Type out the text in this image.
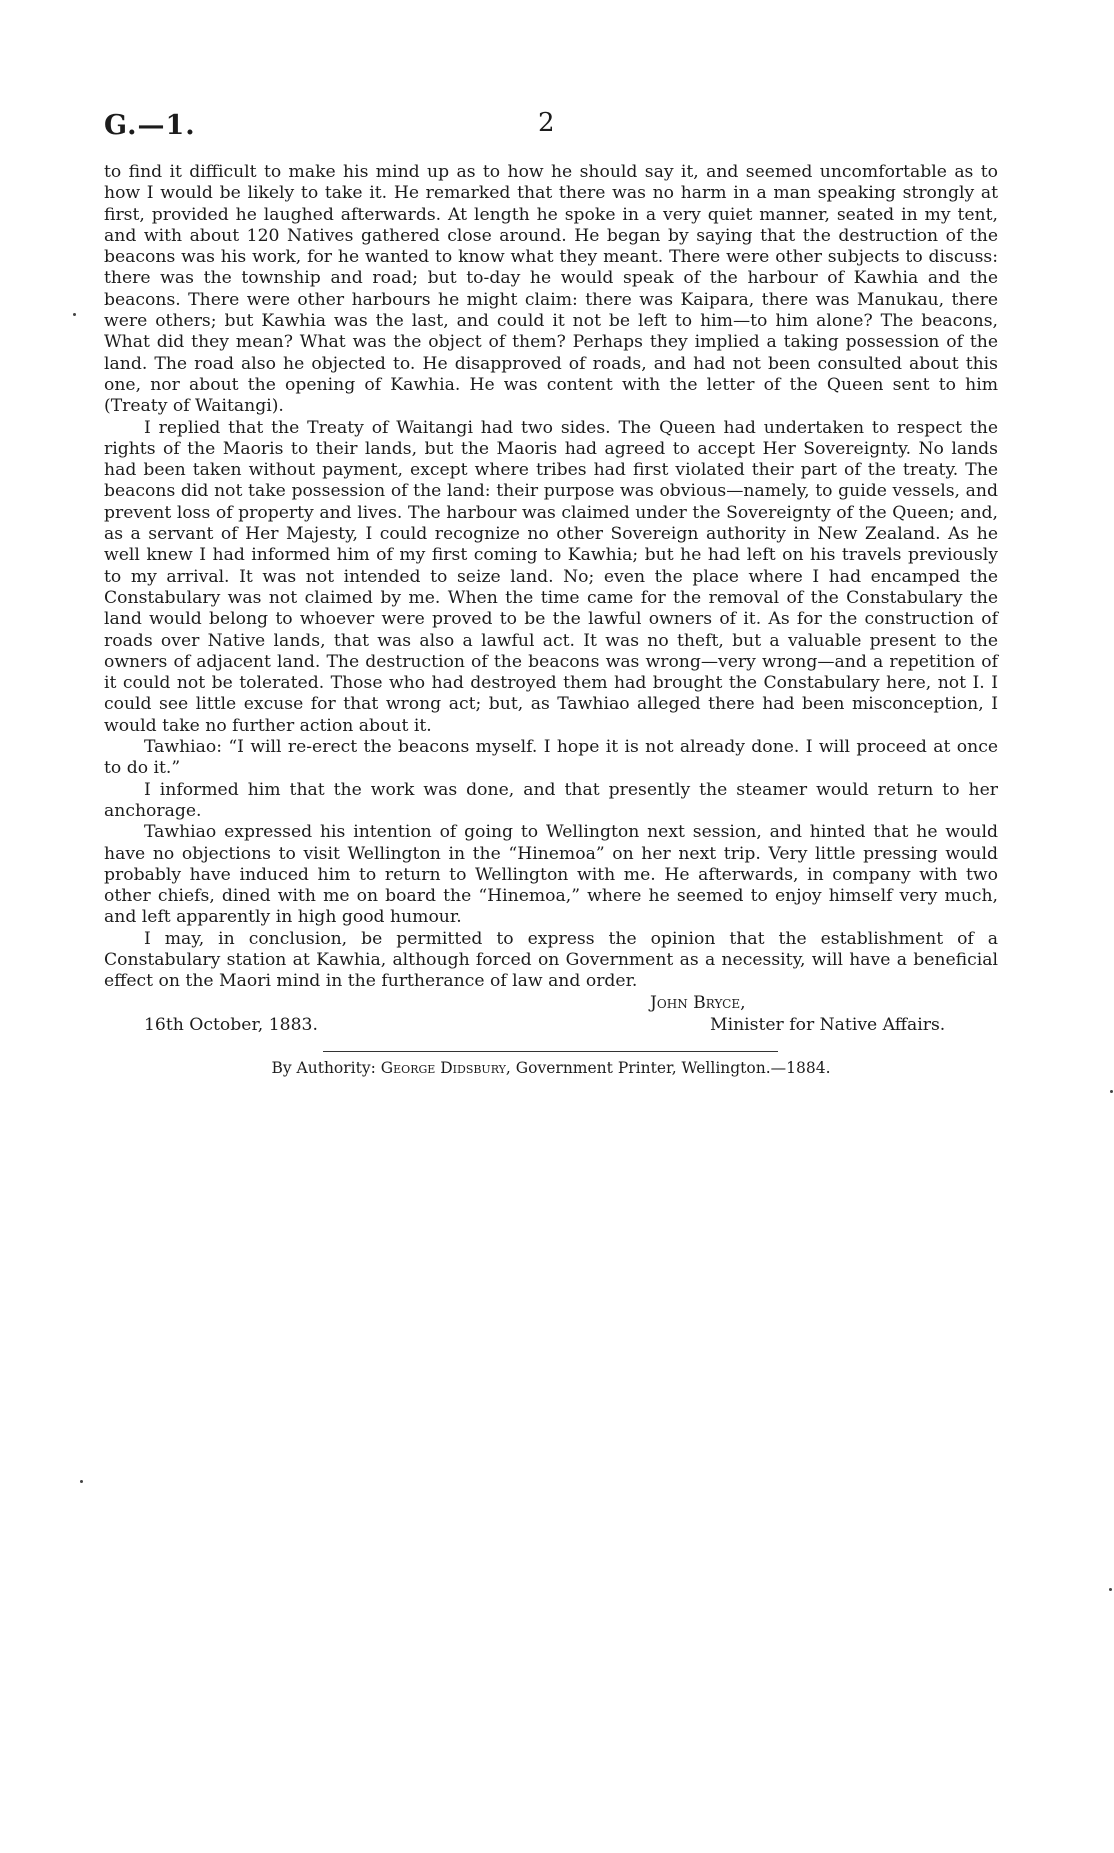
G.—1.	2

to find it difficult to make his mind up as to how he should say it, and seemed uncomfortable as to how I would be likely to take it. He remarked that there was no harm in a man speaking strongly at first, provided he laughed afterwards. At length he spoke in a very quiet manner, seated in my tent, and with about 120 Natives gathered close around. He began by saying that the destruction of the beacons was his work, for he wanted to know what they meant. There were other subjects to discuss: there was the township and road; but to-day he would speak of the harbour of Kawhia and the beacons. There were other harbours he might claim: there was Kaipara, there was Manukau, there were others; but Kawhia was the last, and could it not be left to him—to him alone? The beacons, What did they mean? What was the object of them? Perhaps they implied a taking possession of the land. The road also he objected to. He disapproved of roads, and had not been consulted about this one, nor about the opening of Kawhia. He was content with the letter of the Queen sent to him (Treaty of Waitangi).

I replied that the Treaty of Waitangi had two sides. The Queen had undertaken to respect the rights of the Maoris to their lands, but the Maoris had agreed to accept Her Sovereignty. No lands had been taken without payment, except where tribes had first violated their part of the treaty. The beacons did not take possession of the land: their purpose was obvious—namely, to guide vessels, and prevent loss of property and lives. The harbour was claimed under the Sovereignty of the Queen; and, as a servant of Her Majesty, I could recognize no other Sovereign authority in New Zealand. As he well knew I had informed him of my first coming to Kawhia; but he had left on his travels previously to my arrival. It was not intended to seize land. No; even the place where I had encamped the Constabulary was not claimed by me. When the time came for the removal of the Constabulary the land would belong to whoever were proved to be the lawful owners of it. As for the construction of roads over Native lands, that was also a lawful act. It was no theft, but a valuable present to the owners of adjacent land. The destruction of the beacons was wrong—very wrong—and a repetition of it could not be tolerated. Those who had destroyed them had brought the Constabulary here, not I. I could see little excuse for that wrong act; but, as Tawhiao alleged there had been misconception, I would take no further action about it.

Tawhiao: “I will re-erect the beacons myself. I hope it is not already done. I will proceed at once to do it.”

I informed him that the work was done, and that presently the steamer would return to her anchorage.

Tawhiao expressed his intention of going to Wellington next session, and hinted that he would have no objections to visit Wellington in the “Hinemoa” on her next trip. Very little pressing would probably have induced him to return to Wellington with me. He afterwards, in company with two other chiefs, dined with me on board the “Hinemoa,” where he seemed to enjoy himself very much, and left apparently in high good humour.

I may, in conclusion, be permitted to express the opinion that the establishment of a Constabulary station at Kawhia, although forced on Government as a necessity, will have a beneficial effect on the Maori mind in the furtherance of law and order.

John Bryce,
16th October, 1883.	Minister for Native Affairs.
By Authority: George Didsbury, Government Printer, Wellington.—1884.
